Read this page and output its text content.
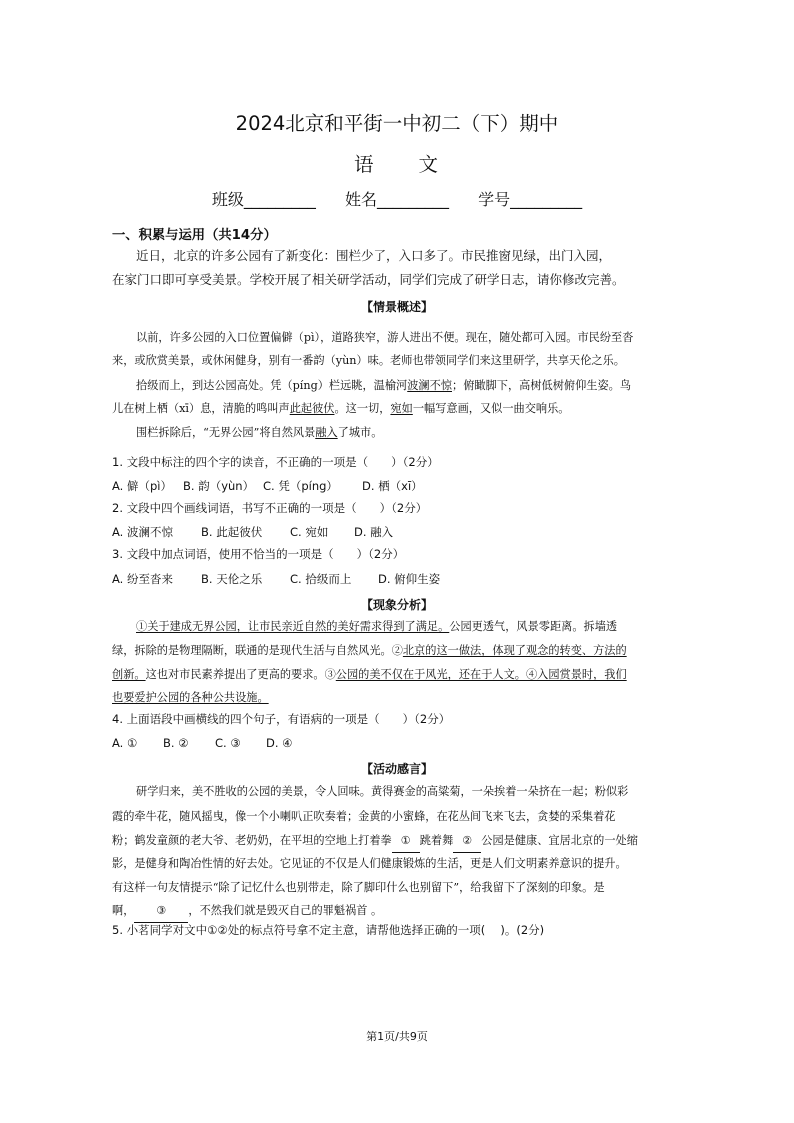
2024北京和平街一中初二（下）期中
语　　文
班级_________ 姓名_________ 学号_________
一、积累与运用（共14分）
近日，北京的许多公园有了新变化：围栏少了，入口多了。市民推窗见绿，出门入园，
在家门口即可享受美景。学校开展了相关研学活动，同学们完成了研学日志，请你修改完善。
【情景概述】
以前，许多公园的入口位置偏僻（pì），道路狭窄，游人进出不便。现在，随处都可入园。市民纷至沓
来，或欣赏美景，或休闲健身，别有一番韵（yùn）味。老师也带领同学们来这里研学，共享天伦之乐。
拾级而上，到达公园高处。凭（píng）栏远眺，温榆河波澜不惊；俯瞰脚下，高树低树俯仰生姿。鸟
儿在树上栖（xī）息，清脆的鸣叫声此起彼伏。这一切，宛如一幅写意画，又似一曲交响乐。
围栏拆除后，“无界公园”将自然风景融入了城市。
1. 文段中标注的四个字的读音，不正确的一项是（　　）（2分）
A. 僻（pì） B. 韵（yùn） C. 凭（píng） D. 栖（xī）
2. 文段中四个画线词语，书写不正确的一项是（　　）（2分）
A. 波澜不惊 B. 此起彼伏 C. 宛如 D. 融入
3. 文段中加点词语，使用不恰当的一项是（　　）（2分）
A. 纷至沓来 B. 天伦之乐 C. 拾级而上 D. 俯仰生姿
【现象分析】
①关于建成无界公园，让市民亲近自然的美好需求得到了满足。公园更透气，风景零距离。拆墙透
绿，拆除的是物理隔断，联通的是现代生活与自然风光。②北京的这一做法，体现了观念的转变、方法的
创新。这也对市民素养提出了更高的要求。③公园的美不仅在于风光，还在于人文。④入园赏景时，我们
也要爱护公园的各种公共设施。
4. 上面语段中画横线的四个句子，有语病的一项是（　　）（2分）
A. ① B. ② C. ③ D. ④
【活动感言】
研学归来，美不胜收的公园的美景，令人回味。黄得赛金的高粱菊，一朵挨着一朵挤在一起；粉似彩
霞的牵牛花，随风摇曳，像一个小喇叭正吹奏着；金黄的小蜜蜂，在花丛间飞来飞去，贪婪的采集着花
粉；鹤发童颜的老大爷、老奶奶，在平坦的空地上打着拳 ① 跳着舞 ② 公园是健康、宜居北京的一处缩
影，是健身和陶冶性情的好去处。它见证的不仅是人们健康锻炼的生活，更是人们文明素养意识的提升。
有这样一句友情提示“除了记忆什么也别带走，除了脚印什么也别留下”，给我留下了深刻的印象。是
啊， ③ ，不然我们就是毁灭自己的罪魁祸首 。
5. 小茗同学对文中①②处的标点符号拿不定主意，请帮他选择正确的一项(　 )。(2分)
第1页/共9页
